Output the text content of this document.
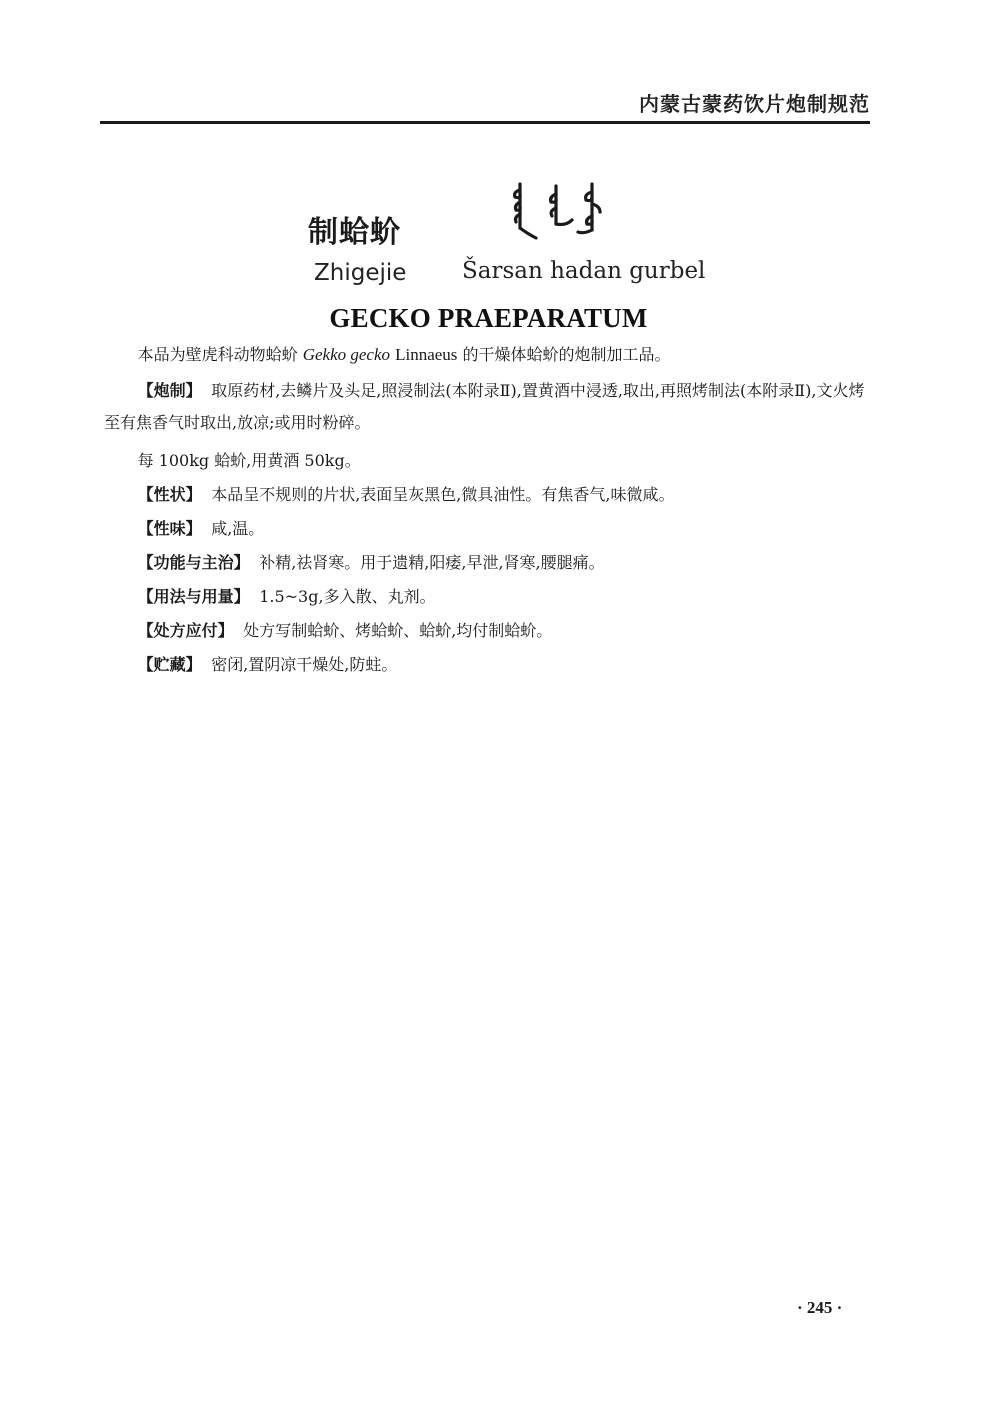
内蒙古蒙药饮片炮制规范
制蛤蚧
Zhigejie Šarsan hadan gurbel
GECKO PRAEPARATUM

本品为壁虎科动物蛤蚧 Gekko gecko Linnaeus 的干燥体蛤蚧的炮制加工品。

【炮制】 取原药材,去鳞片及头足,照浸制法(本附录Ⅱ),置黄酒中浸透,取出,再照烤制法(本附录Ⅱ),文火烤至有焦香气时取出,放凉;或用时粉碎。

每 100kg 蛤蚧,用黄酒 50kg。

【性状】 本品呈不规则的片状,表面呈灰黑色,微具油性。有焦香气,味微咸。

【性味】 咸,温。

【功能与主治】 补精,祛肾寒。用于遗精,阳痿,早泄,肾寒,腰腿痛。

【用法与用量】 1.5~3g,多入散、丸剂。

【处方应付】 处方写制蛤蚧、烤蛤蚧、蛤蚧,均付制蛤蚧。

【贮藏】 密闭,置阴凉干燥处,防蛀。

· 245 ·
